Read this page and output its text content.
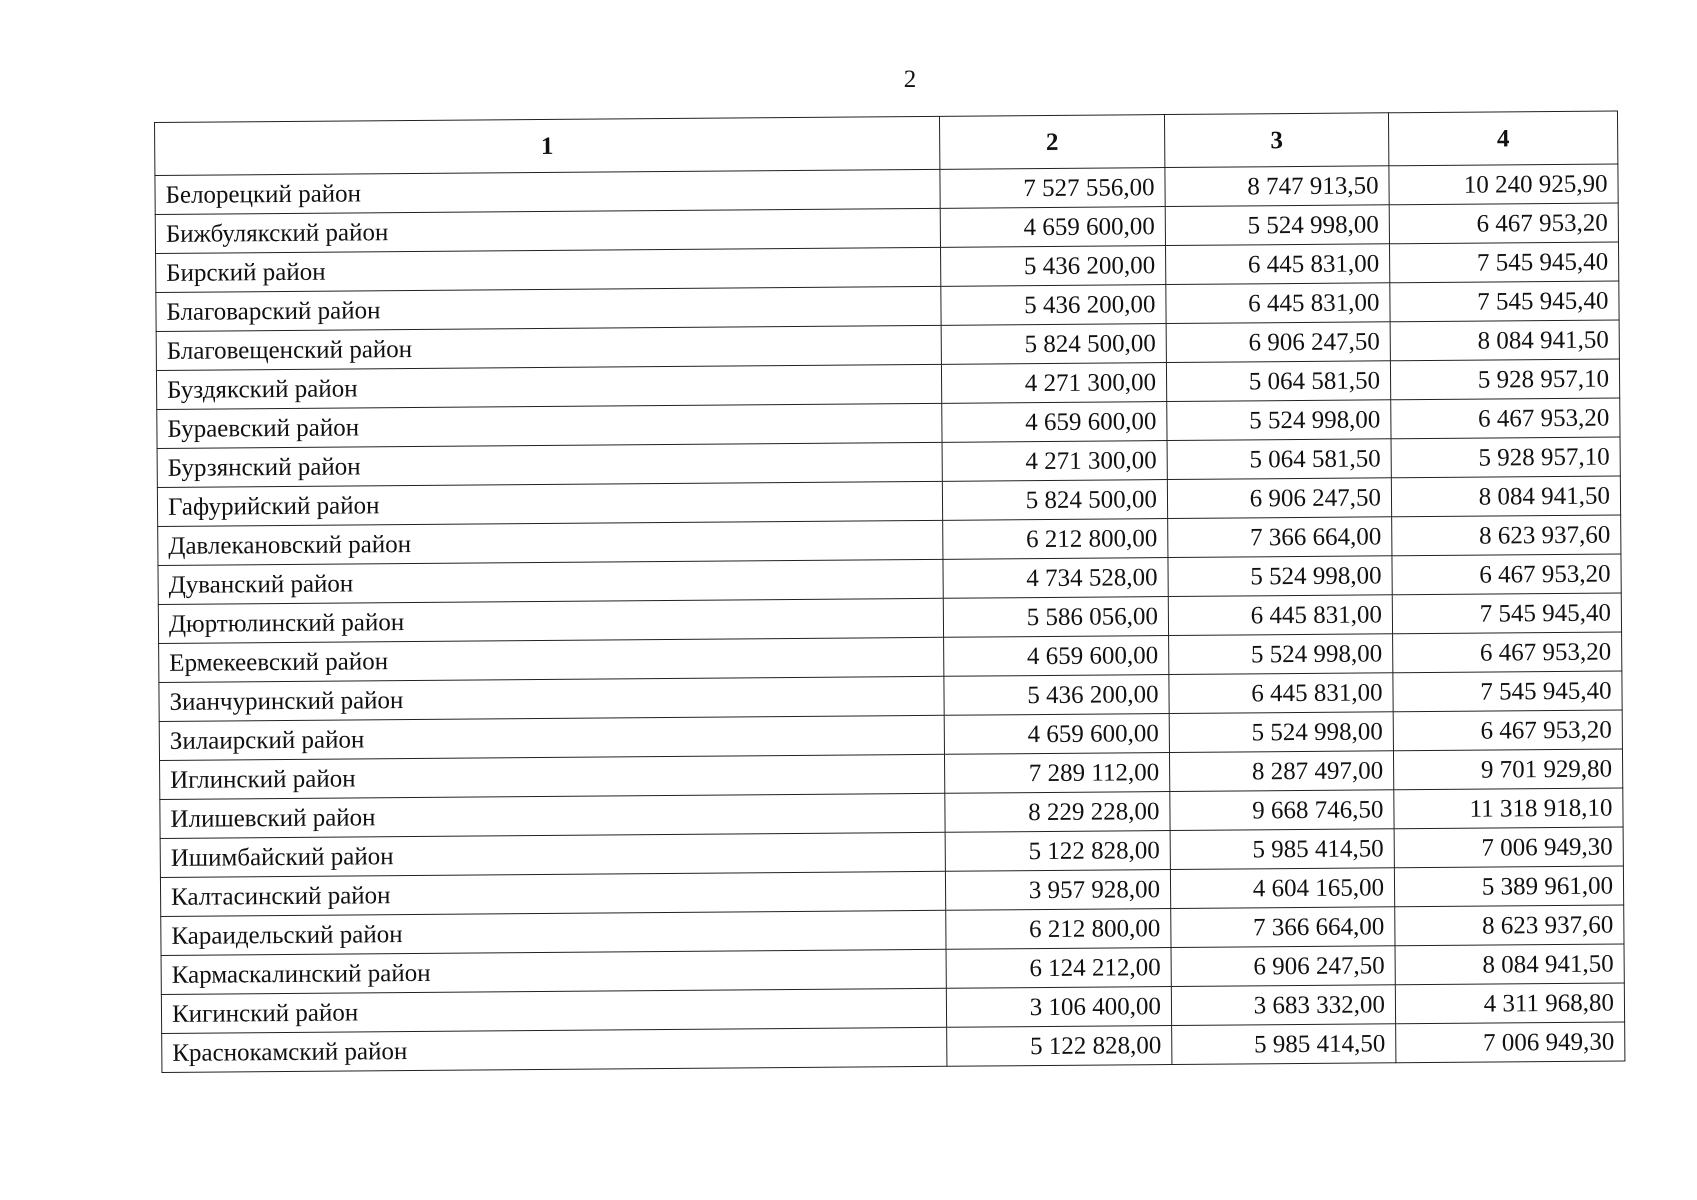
2
1	2	3	4
Белорецкий район	7 527 556,00	8 747 913,50	10 240 925,90
Бижбулякский район	4 659 600,00	5 524 998,00	6 467 953,20
Бирский район	5 436 200,00	6 445 831,00	7 545 945,40
Благоварский район	5 436 200,00	6 445 831,00	7 545 945,40
Благовещенский район	5 824 500,00	6 906 247,50	8 084 941,50
Буздякский район	4 271 300,00	5 064 581,50	5 928 957,10
Бураевский район	4 659 600,00	5 524 998,00	6 467 953,20
Бурзянский район	4 271 300,00	5 064 581,50	5 928 957,10
Гафурийский район	5 824 500,00	6 906 247,50	8 084 941,50
Давлекановский район	6 212 800,00	7 366 664,00	8 623 937,60
Дуванский район	4 734 528,00	5 524 998,00	6 467 953,20
Дюртюлинский район	5 586 056,00	6 445 831,00	7 545 945,40
Ермекеевский район	4 659 600,00	5 524 998,00	6 467 953,20
Зианчуринский район	5 436 200,00	6 445 831,00	7 545 945,40
Зилаирский район	4 659 600,00	5 524 998,00	6 467 953,20
Иглинский район	7 289 112,00	8 287 497,00	9 701 929,80
Илишевский район	8 229 228,00	9 668 746,50	11 318 918,10
Ишимбайский район	5 122 828,00	5 985 414,50	7 006 949,30
Калтасинский район	3 957 928,00	4 604 165,00	5 389 961,00
Караидельский район	6 212 800,00	7 366 664,00	8 623 937,60
Кармаскалинский район	6 124 212,00	6 906 247,50	8 084 941,50
Кигинский район	3 106 400,00	3 683 332,00	4 311 968,80
Краснокамский район	5 122 828,00	5 985 414,50	7 006 949,30
